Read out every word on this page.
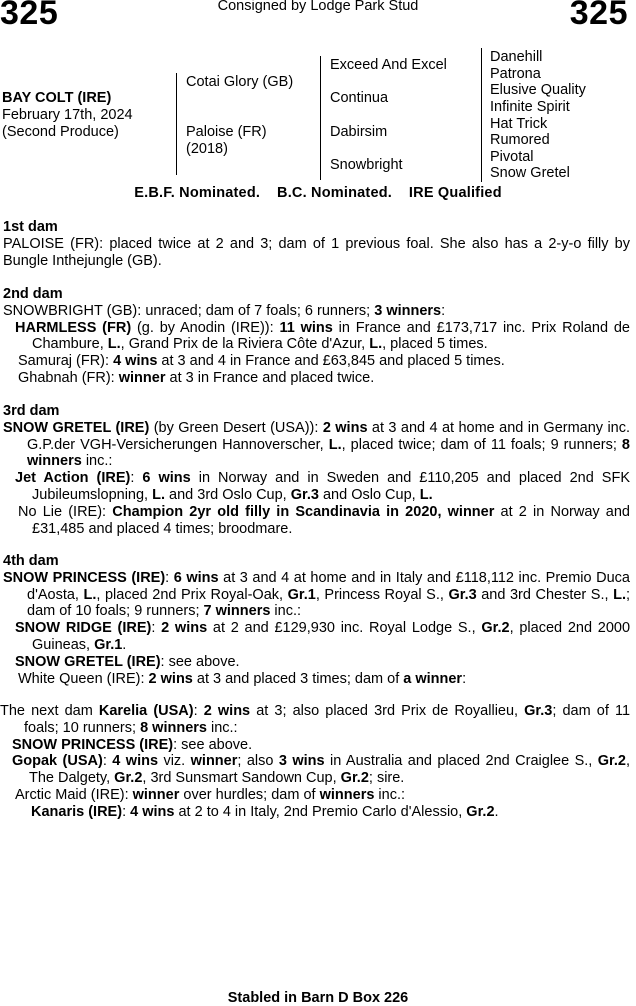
325	Consigned by Lodge Park Stud	325
BAY COLT (IRE)
February 17th, 2024
(Second Produce)
Cotai Glory (GB)
Paloise (FR)
(2018)
Exceed And Excel
Continua
Dabirsim
Snowbright
Danehill
Patrona
Elusive Quality
Infinite Spirit
Hat Trick
Rumored
Pivotal
Snow Gretel
E.B.F. Nominated.    B.C. Nominated.    IRE Qualified
1st dam
PALOISE (FR): placed twice at 2 and 3; dam of 1 previous foal. She also has a 2-y-o filly by Bungle Inthejungle (GB).
2nd dam
SNOWBRIGHT (GB): unraced; dam of 7 foals; 6 runners; 3 winners:
HARMLESS (FR) (g. by Anodin (IRE)): 11 wins in France and £173,717 inc. Prix Roland de Chambure, L., Grand Prix de la Riviera Côte d'Azur, L., placed 5 times.
Samuraj (FR): 4 wins at 3 and 4 in France and £63,845 and placed 5 times.
Ghabnah (FR): winner at 3 in France and placed twice.
3rd dam
SNOW GRETEL (IRE) (by Green Desert (USA)): 2 wins at 3 and 4 at home and in Germany inc. G.P.der VGH-Versicherungen Hannoverscher, L., placed twice; dam of 11 foals; 9 runners; 8 winners inc.:
Jet Action (IRE): 6 wins in Norway and in Sweden and £110,205 and placed 2nd SFK Jubileumslopning, L. and 3rd Oslo Cup, Gr.3 and Oslo Cup, L.
No Lie (IRE): Champion 2yr old filly in Scandinavia in 2020, winner at 2 in Norway and £31,485 and placed 4 times; broodmare.
4th dam
SNOW PRINCESS (IRE): 6 wins at 3 and 4 at home and in Italy and £118,112 inc. Premio Duca d'Aosta, L., placed 2nd Prix Royal-Oak, Gr.1, Princess Royal S., Gr.3 and 3rd Chester S., L.; dam of 10 foals; 9 runners; 7 winners inc.:
SNOW RIDGE (IRE): 2 wins at 2 and £129,930 inc. Royal Lodge S., Gr.2, placed 2nd 2000 Guineas, Gr.1.
SNOW GRETEL (IRE): see above.
White Queen (IRE): 2 wins at 3 and placed 3 times; dam of a winner:
The next dam Karelia (USA): 2 wins at 3; also placed 3rd Prix de Royallieu, Gr.3; dam of 11 foals; 10 runners; 8 winners inc.:
SNOW PRINCESS (IRE): see above.
Gopak (USA): 4 wins viz. winner; also 3 wins in Australia and placed 2nd Craiglee S., Gr.2, The Dalgety, Gr.2, 3rd Sunsmart Sandown Cup, Gr.2; sire.
Arctic Maid (IRE): winner over hurdles; dam of winners inc.:
Kanaris (IRE): 4 wins at 2 to 4 in Italy, 2nd Premio Carlo d'Alessio, Gr.2.
Stabled in Barn D Box 226
